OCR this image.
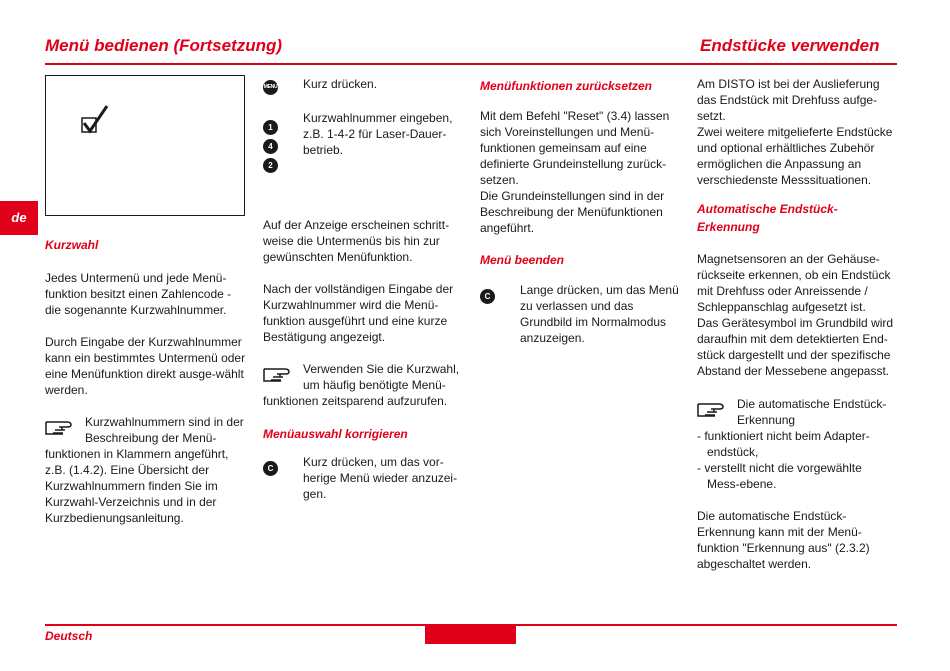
Menü bedienen (Fortsetzung)	Endstücke verwenden
de

Kurzwahl

Jedes Untermenü und jede Menü-funktion besitzt einen Zahlencode - die sogenannte Kurzwahlnummer.

Durch Eingabe der Kurzwahlnummer kann ein bestimmtes Untermenü oder eine Menüfunktion direkt ausge-wählt werden.

Kurzwahlnummern sind in der Beschreibung der Menü-funktionen in Klammern angeführt, z.B. (1.4.2). Eine Übersicht der Kurzwahlnummern finden Sie im Kurzwahl-Verzeichnis und in der Kurzbedienungsanleitung.

MENU	Kurz drücken.

1
4
2

Kurzwahlnummer eingeben, z.B. 1-4-2 für Laser-Dauer-betrieb.

Auf der Anzeige erscheinen schritt-weise die Untermenüs bis hin zur gewünschten Menüfunktion.

Nach der vollständigen Eingabe der Kurzwahlnummer wird die Menü-funktion ausgeführt und eine kurze Bestätigung angezeigt.

Verwenden Sie die Kurzwahl, um häufig benötigte Menü-funktionen zeitsparend aufzurufen.

Menüauswahl korrigieren

C	Kurz drücken, um das vor-herige Menü wieder anzuzei-gen.

Menüfunktionen zurücksetzen

Mit dem Befehl "Reset" (3.4) lassen sich Voreinstellungen und Menü-funktionen gemeinsam auf eine definierte Grundeinstellung zurück-setzen.

Die Grundeinstellungen sind in der Beschreibung der Menüfunktionen angeführt.

Menü beenden

C	Lange drücken, um das Menü zu verlassen und das Grundbild im Normalmodus anzuzeigen.

Am DISTO ist bei der Auslieferung das Endstück mit Drehfuss aufge-setzt.

Zwei weitere mitgelieferte Endstücke und optional erhältliches Zubehör ermöglichen die Anpassung an verschiedenste Messsituationen.

Automatische Endstück-Erkennung

Magnetsensoren an der Gehäuse-rückseite erkennen, ob ein Endstück mit Drehfuss oder Anreissende / Schleppanschlag aufgesetzt ist.

Das Gerätesymbol im Grundbild wird daraufhin mit dem detektierten End-stück dargestellt und der spezifische Abstand der Messebene angepasst.

Die automatische Endstück-Erkennung

- funktioniert nicht beim Adapter-endstück,

- verstellt nicht die vorgewählte Mess-ebene.

Die automatische Endstück-Erkennung kann mit der Menü-funktion "Erkennung aus" (2.3.2) abgeschaltet werden.

Deutsch
